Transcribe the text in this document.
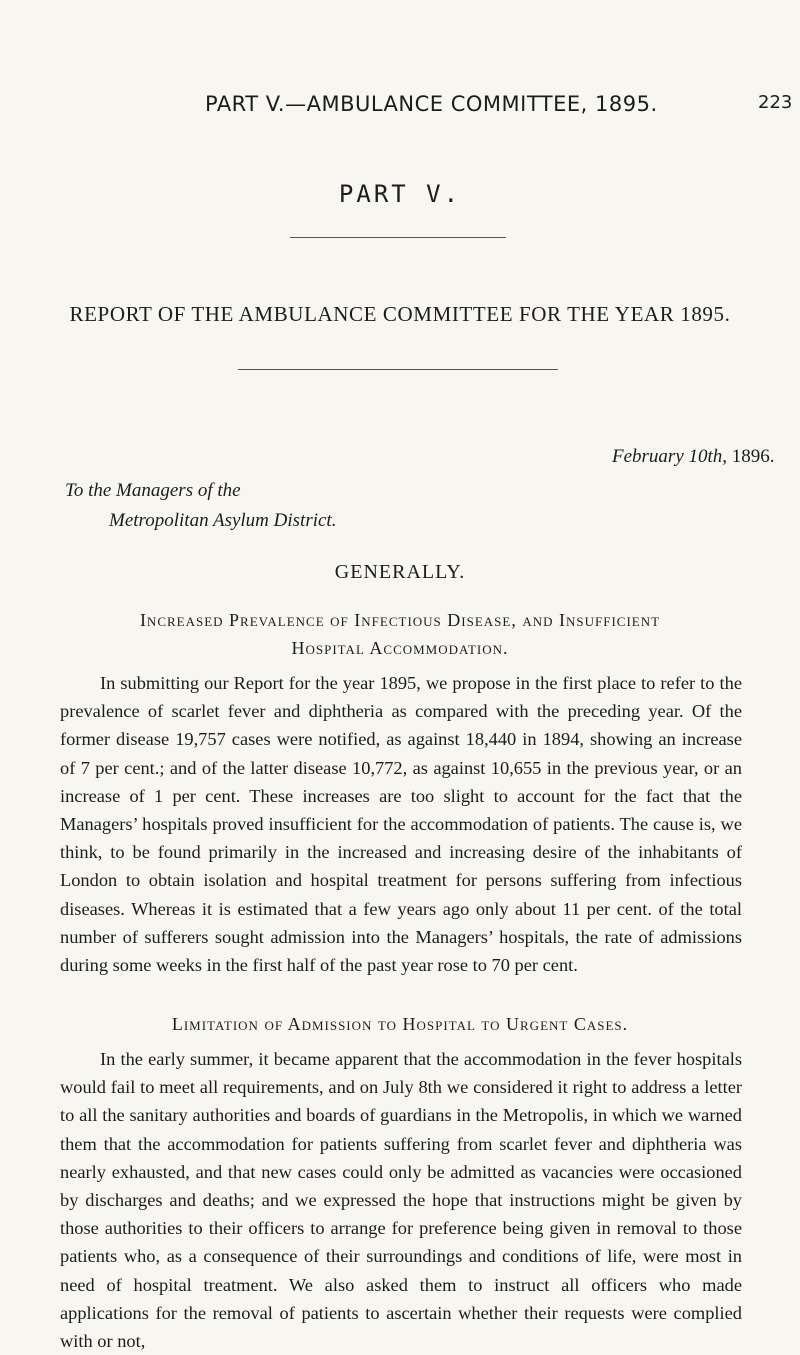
PART V.—AMBULANCE COMMITTEE, 1895.	223
PART V.
REPORT OF THE AMBULANCE COMMITTEE FOR THE YEAR 1895.
February 10th, 1896.
To the Managers of the
Metropolitan Asylum District.
GENERALLY.
Increased Prevalence of Infectious Disease, and Insufficient
Hospital Accommodation.

In submitting our Report for the year 1895, we propose in the first place to refer to the prevalence of scarlet fever and diphtheria as compared with the preceding year. Of the former disease 19,757 cases were notified, as against 18,440 in 1894, showing an increase of 7 per cent.; and of the latter disease 10,772, as against 10,655 in the previous year, or an increase of 1 per cent. These increases are too slight to account for the fact that the Managers’ hospitals proved insufficient for the accommodation of patients. The cause is, we think, to be found primarily in the increased and increasing desire of the inhabitants of London to obtain isolation and hospital treatment for persons suffering from infectious diseases. Whereas it is estimated that a few years ago only about 11 per cent. of the total number of sufferers sought admission into the Managers’ hospitals, the rate of admissions during some weeks in the first half of the past year rose to 70 per cent.

Limitation of Admission to Hospital to Urgent Cases.

In the early summer, it became apparent that the accommodation in the fever hospitals would fail to meet all requirements, and on July 8th we considered it right to address a letter to all the sanitary authorities and boards of guardians in the Metropolis, in which we warned them that the accommodation for patients suffering from scarlet fever and diphtheria was nearly exhausted, and that new cases could only be admitted as vacancies were occasioned by discharges and deaths; and we expressed the hope that instructions might be given by those authorities to their officers to arrange for preference being given in removal to those patients who, as a consequence of their surroundings and conditions of life, were most in need of hospital treatment. We also asked them to instruct all officers who made applications for the removal of patients to ascertain whether their requests were complied with or not,
